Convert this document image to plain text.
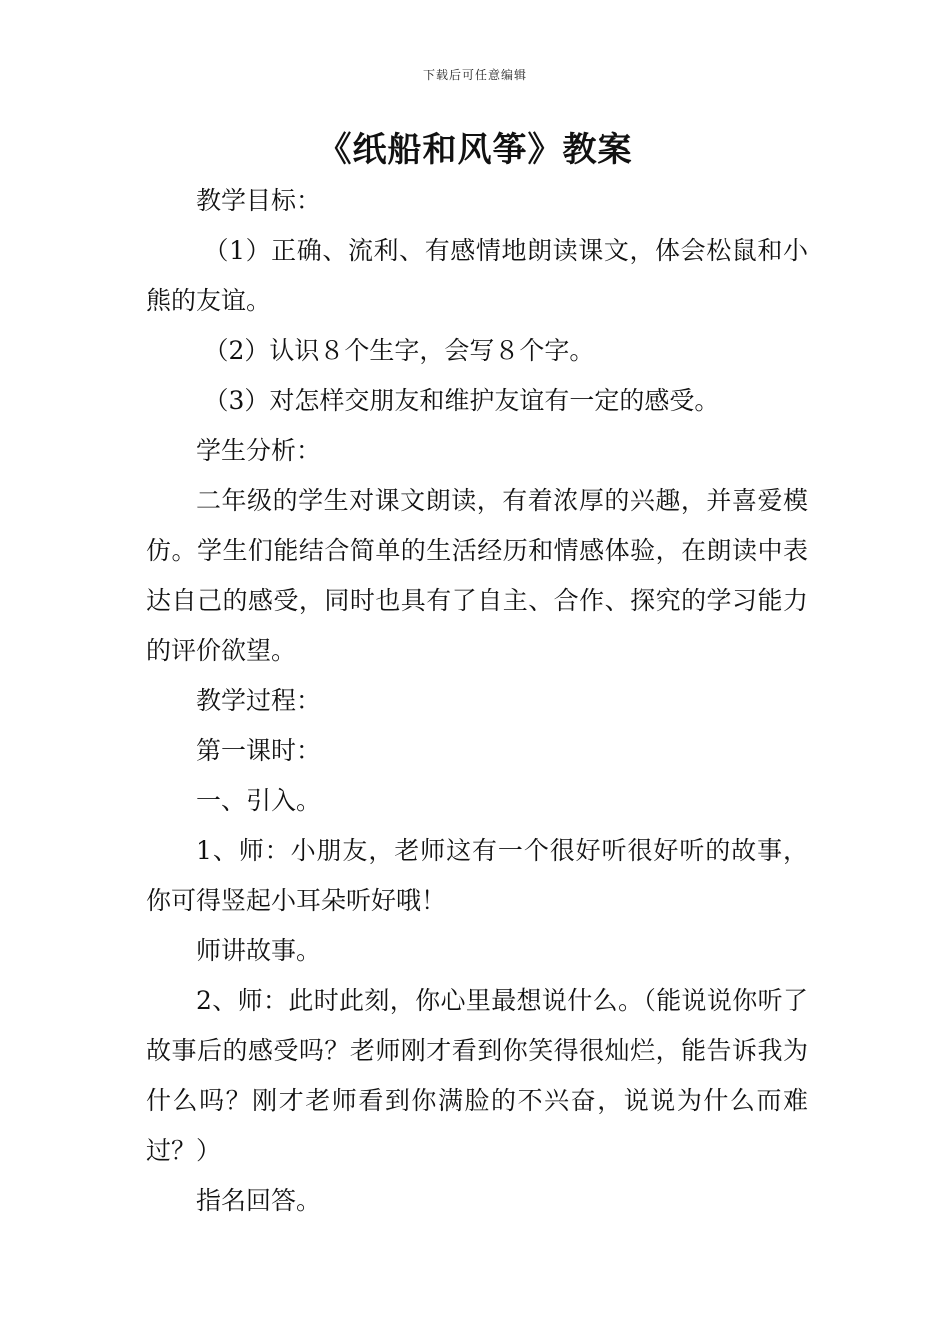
下载后可任意编辑
《纸船和风筝》教案

教学目标：

（1）正确、流利、有感情地朗读课文，体会松鼠和小熊的友谊。

（2）认识８个生字，会写８个字。

（3）对怎样交朋友和维护友谊有一定的感受。

学生分析：

二年级的学生对课文朗读，有着浓厚的兴趣，并喜爱模仿。学生们能结合简单的生活经历和情感体验，在朗读中表达自己的感受，同时也具有了自主、合作、探究的学习能力的评价欲望。

教学过程：

第一课时：

一、引入。

1、师：小朋友，老师这有一个很好听很好听的故事，你可得竖起小耳朵听好哦！

师讲故事。

2、师：此时此刻，你心里最想说什么。（能说说你听了故事后的感受吗？老师刚才看到你笑得很灿烂，能告诉我为什么吗？刚才老师看到你满脸的不兴奋，说说为什么而难过？）

指名回答。
